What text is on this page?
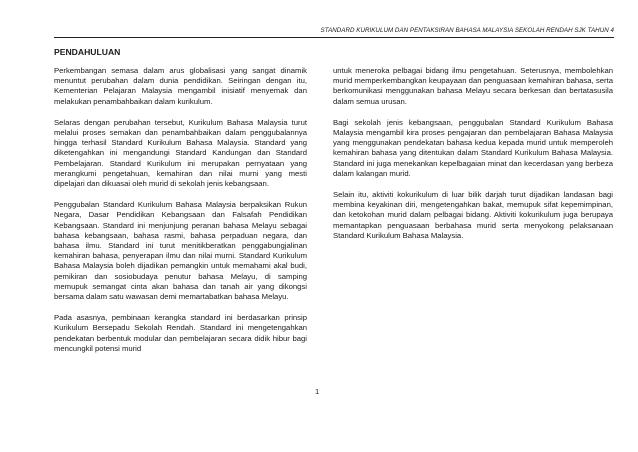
STANDARD KURIKULUM DAN PENTAKSIRAN BAHASA MALAYSIA SEKOLAH RENDAH SJK TAHUN 4
PENDAHULUAN

Perkembangan semasa dalam arus globalisasi yang sangat dinamik menuntut perubahan dalam dunia pendidikan. Seiringan dengan itu, Kementerian Pelajaran Malaysia mengambil inisiatif menyemak dan melakukan penambahbaikan dalam kurikulum.

Selaras dengan perubahan tersebut, Kurikulum Bahasa Malaysia turut melalui proses semakan dan penambahbaikan dalam penggubalannya hingga terhasil Standard Kurikulum Bahasa Malaysia. Standard yang diketengahkan ini mengandungi Standard Kandungan dan Standard Pembelajaran. Standard Kurikulum ini merupakan pernyataan yang merangkumi pengetahuan, kemahiran dan nilai murni yang mesti dipelajari dan dikuasai oleh murid di sekolah jenis kebangsaan.

Penggubalan Standard Kurikulum Bahasa Malaysia berpaksikan Rukun Negara, Dasar Pendidikan Kebangsaan dan Falsafah Pendidikan Kebangsaan. Standard ini menjunjung peranan bahasa Melayu sebagai bahasa kebangsaan, bahasa rasmi, bahasa perpaduan negara, dan bahasa ilmu. Standard ini turut menitikberatkan penggabungjalinan kemahiran bahasa, penyerapan ilmu dan nilai murni. Standard Kurikulum Bahasa Malaysia boleh dijadikan pemangkin untuk memahami akal budi, pemikiran dan sosiobudaya penutur bahasa Melayu, di samping memupuk semangat cinta akan bahasa dan tanah air yang dikongsi bersama dalam satu wawasan demi memartabatkan bahasa Melayu.

Pada asasnya, pembinaan kerangka standard ini berdasarkan prinsip Kurikulum Bersepadu Sekolah Rendah. Standard ini mengetengahkan pendekatan berbentuk modular dan pembelajaran secara didik hibur bagi mencungkil potensi murid

untuk meneroka pelbagai bidang ilmu pengetahuan. Seterusnya, membolehkan murid memperkembangkan keupayaan dan penguasaan kemahiran bahasa, serta berkomunikasi menggunakan bahasa Melayu secara berkesan dan bertatasusila dalam semua urusan.

Bagi sekolah jenis kebangsaan, penggubalan Standard Kurikulum Bahasa Malaysia mengambil kira proses pengajaran dan pembelajaran Bahasa Malaysia yang menggunakan pendekatan bahasa kedua kepada murid untuk memperoleh kemahiran bahasa yang ditentukan dalam Standard Kurikulum Bahasa Malaysia. Standard ini juga menekankan kepelbagaian minat dan kecerdasan yang berbeza dalam kalangan murid.

Selain itu, aktiviti kokurikulum di luar bilik darjah turut dijadikan landasan bagi membina keyakinan diri, mengetengahkan bakat, memupuk sifat kepemimpinan, dan ketokohan murid dalam pelbagai bidang. Aktiviti kokurikulum juga berupaya memantapkan penguasaan berbahasa murid serta menyokong pelaksanaan Standard Kurikulum Bahasa Malaysia.

1
